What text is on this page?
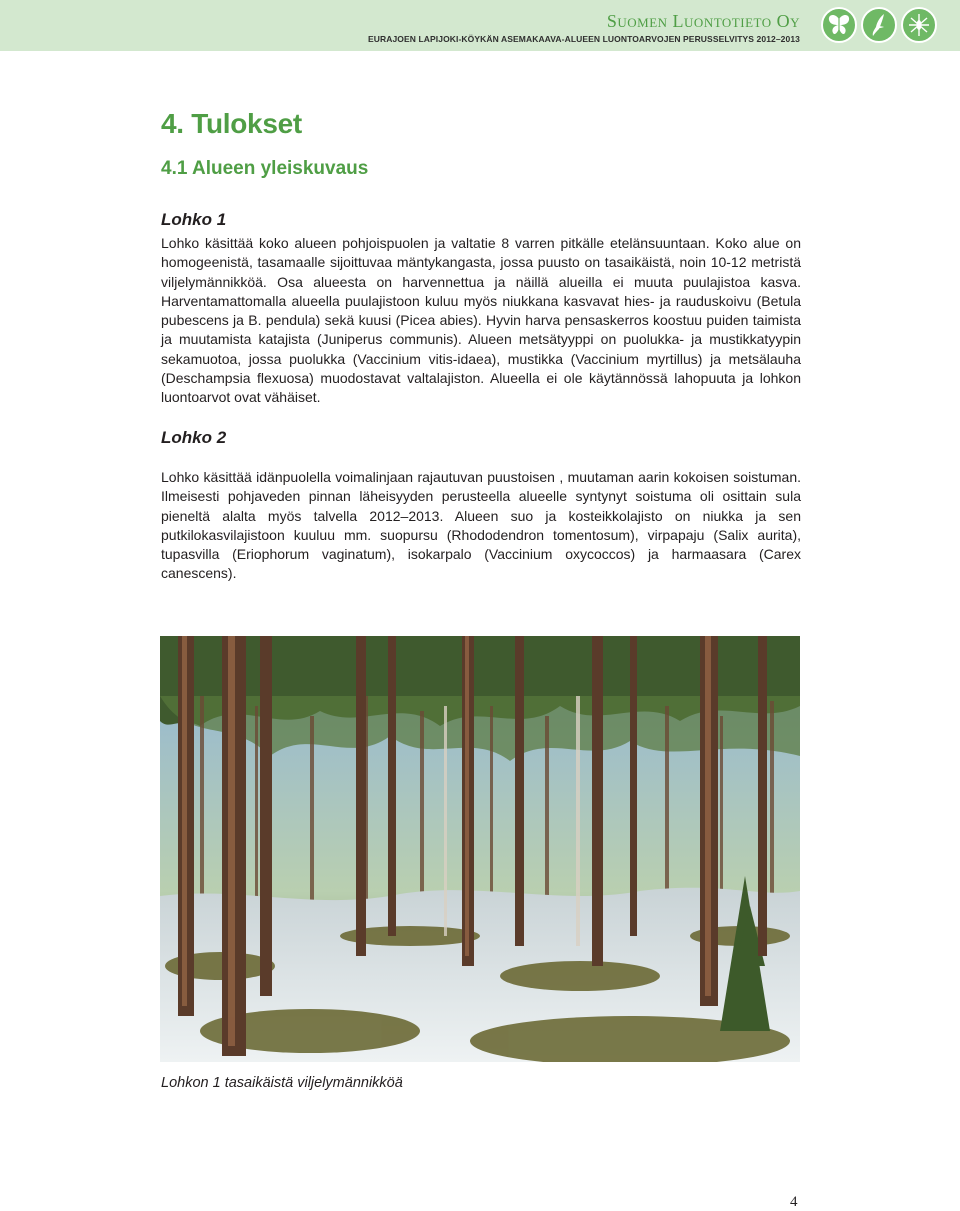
Suomen Luontotieto Oy
EURAJOEN LAPIJOKI-KÖYKÄN ASEMAKAAVA-ALUEEN LUONTOARVOJEN PERUSSELVITYS 2012–2013
4. Tulokset
4.1 Alueen yleiskuvaus
Lohko 1

Lohko käsittää koko alueen pohjoispuolen ja valtatie 8 varren pitkälle etelänsuuntaan. Koko alue on homogeenistä, tasamaalle sijoittuvaa mäntykangasta, jossa puusto on tasaikäistä, noin 10-12 metristä viljelymännikköä. Osa alueesta on harvennettua ja näillä alueilla ei muuta puulajistoa kasva. Harventamattomalla alueella puulajistoon kuluu myös niukkana kasvavat hies- ja rauduskoivu (Betula pubescens ja B. pendula) sekä kuusi (Picea abies). Hyvin harva pensaskerros koostuu puiden taimista ja muutamista katajista (Juniperus communis). Alueen metsätyyppi on puolukka- ja mustikkatyypin sekamuotoa, jossa puolukka (Vaccinium vitis-idaea), mustikka (Vaccinium myrtillus) ja metsälauha (Deschampsia flexuosa) muodostavat valtalajiston. Alueella ei ole käytännössä lahopuuta ja lohkon luontoarvot ovat vähäiset.

Lohko 2

Lohko käsittää idänpuolella voimalinjaan rajautuvan puustoisen , muutaman aarin kokoisen soistuman. Ilmeisesti pohjaveden pinnan läheisyyden perusteella alueelle syntynyt soistuma oli osittain sula pieneltä alalta myös talvella 2012–2013. Alueen suo ja kosteikkolajisto on niukka ja sen putkilokasvilajistoon kuuluu mm. suopursu (Rhododendron tomentosum), virpapaju (Salix aurita), tupasvilla (Eriophorum vaginatum), isokarpalo (Vaccinium oxycoccos) ja harmaasara (Carex canescens).

Lohkon 1 tasaikäistä viljelymännikköä
4
